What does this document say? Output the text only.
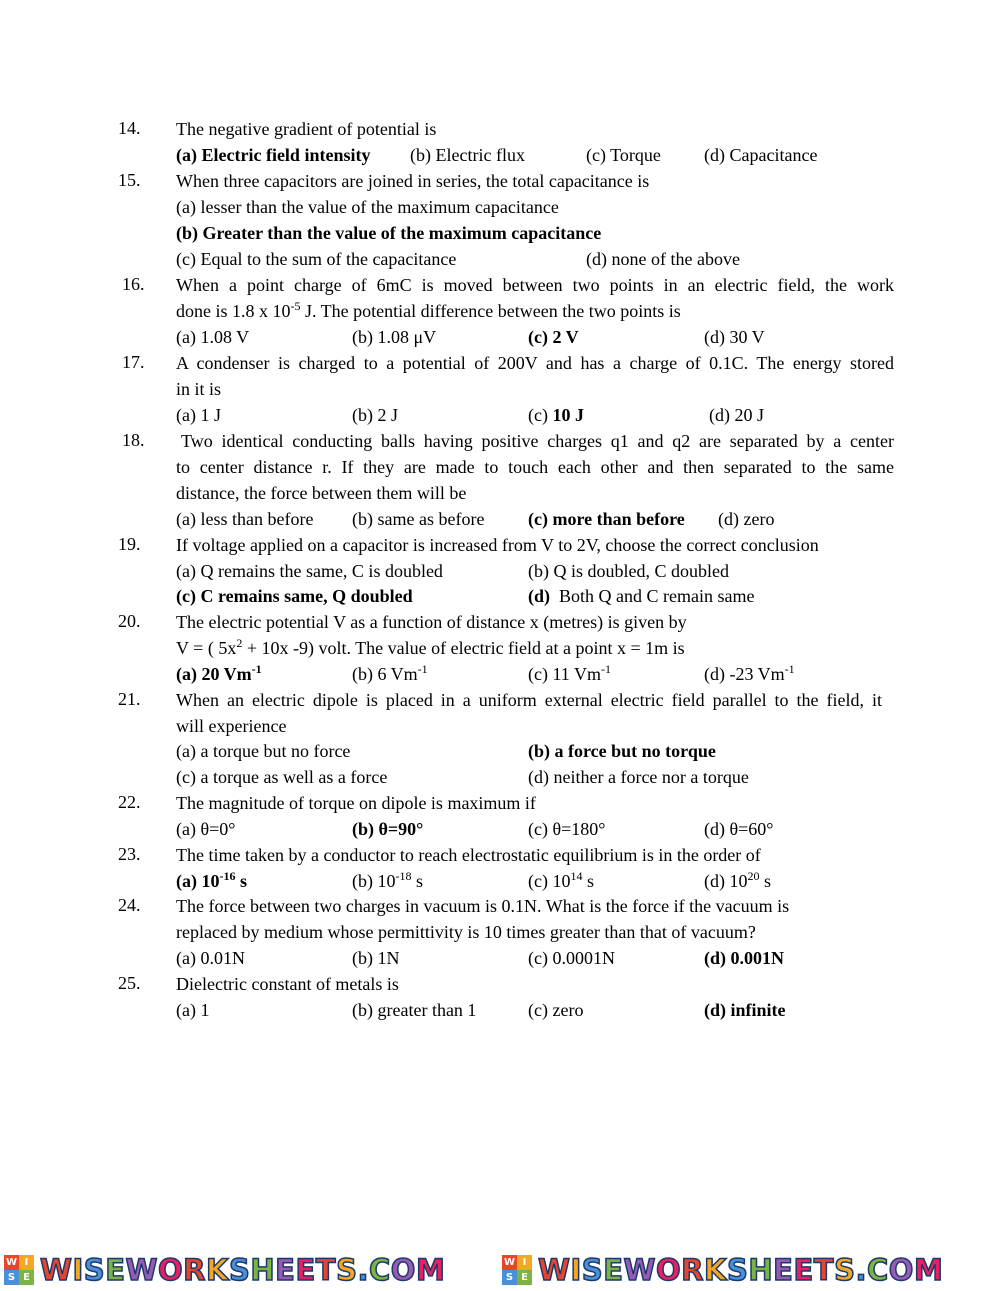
14.	The negative gradient of potential is
(a) Electric field intensity (b) Electric flux	(c) Torque (d) Capacitance
15.	When three capacitors are joined in series, the total capacitance is
(a) lesser than the value of the maximum capacitance
(b) Greater than the value of the maximum capacitance
(c) Equal to the sum of the capacitance	(d) none of the above
16.	When a point charge of 6mC is moved between two points in an electric field, the work
done is 1.8 x $10^{-5}$ J. The potential difference between the two points is
(a) 1.08 V	(b) 1.08 μV	(c) 2 V	(d) 30 V
17.	A condenser is charged to a potential of 200V and has a charge of 0.1C. The energy stored
in it is
(a) 1 J	(b) 2 J	(c) 10 J	(d) 20 J
18.	Two identical conducting balls having positive charges q1 and q2 are separated by a center
to center distance r. If they are made to touch each other and then separated to the same
distance, the force between them will be
(a) less than before (b) same as before (c) more than before (d) zero
19.	If voltage applied on a capacitor is increased from V to 2V, choose the correct conclusion
(a) Q remains the same, C is doubled	(b) Q is doubled, C doubled
(c) C remains same, Q doubled	(d) Both Q and C remain same
20.	The electric potential V as a function of distance x (metres) is given by
V = ( $5x^2 + 10x$ -9) volt. The value of electric field at a point x = 1m is
(a) 20 $Vm^{-1}$	(b) 6 $Vm^{-1}$	(c) 11 $Vm^{-1}$	(d) -23 $Vm^{-1}$
21.	When an electric dipole is placed in a uniform external electric field parallel to the field, it
will experience
(a) a torque but no force	(b) a force but no torque
(c) a torque as well as a force	(d) neither a force nor a torque
22.	The magnitude of torque on dipole is maximum if
(a) θ=0°	(b) θ=90°	(c) θ=180°	(d) θ=60°
23.	The time taken by a conductor to reach electrostatic equilibrium is in the order of
(a) $10^{-16}$ s	(b) $10^{-18}$ s	(c) $10^{14}$ s	(d) $10^{20}$ s
24.	The force between two charges in vacuum is 0.1N. What is the force if the vacuum is
replaced by medium whose permittivity is 10 times greater than that of vacuum?
(a) 0.01N	(b) 1N	(c) 0.0001N	(d) 0.001N
25.	Dielectric constant of metals is
(a) 1	(b) greater than 1	(c) zero	(d) infinite
W I
S E WISEWORKSHEETS.COM	W I
S E WISEWORKSHEETS.COM
